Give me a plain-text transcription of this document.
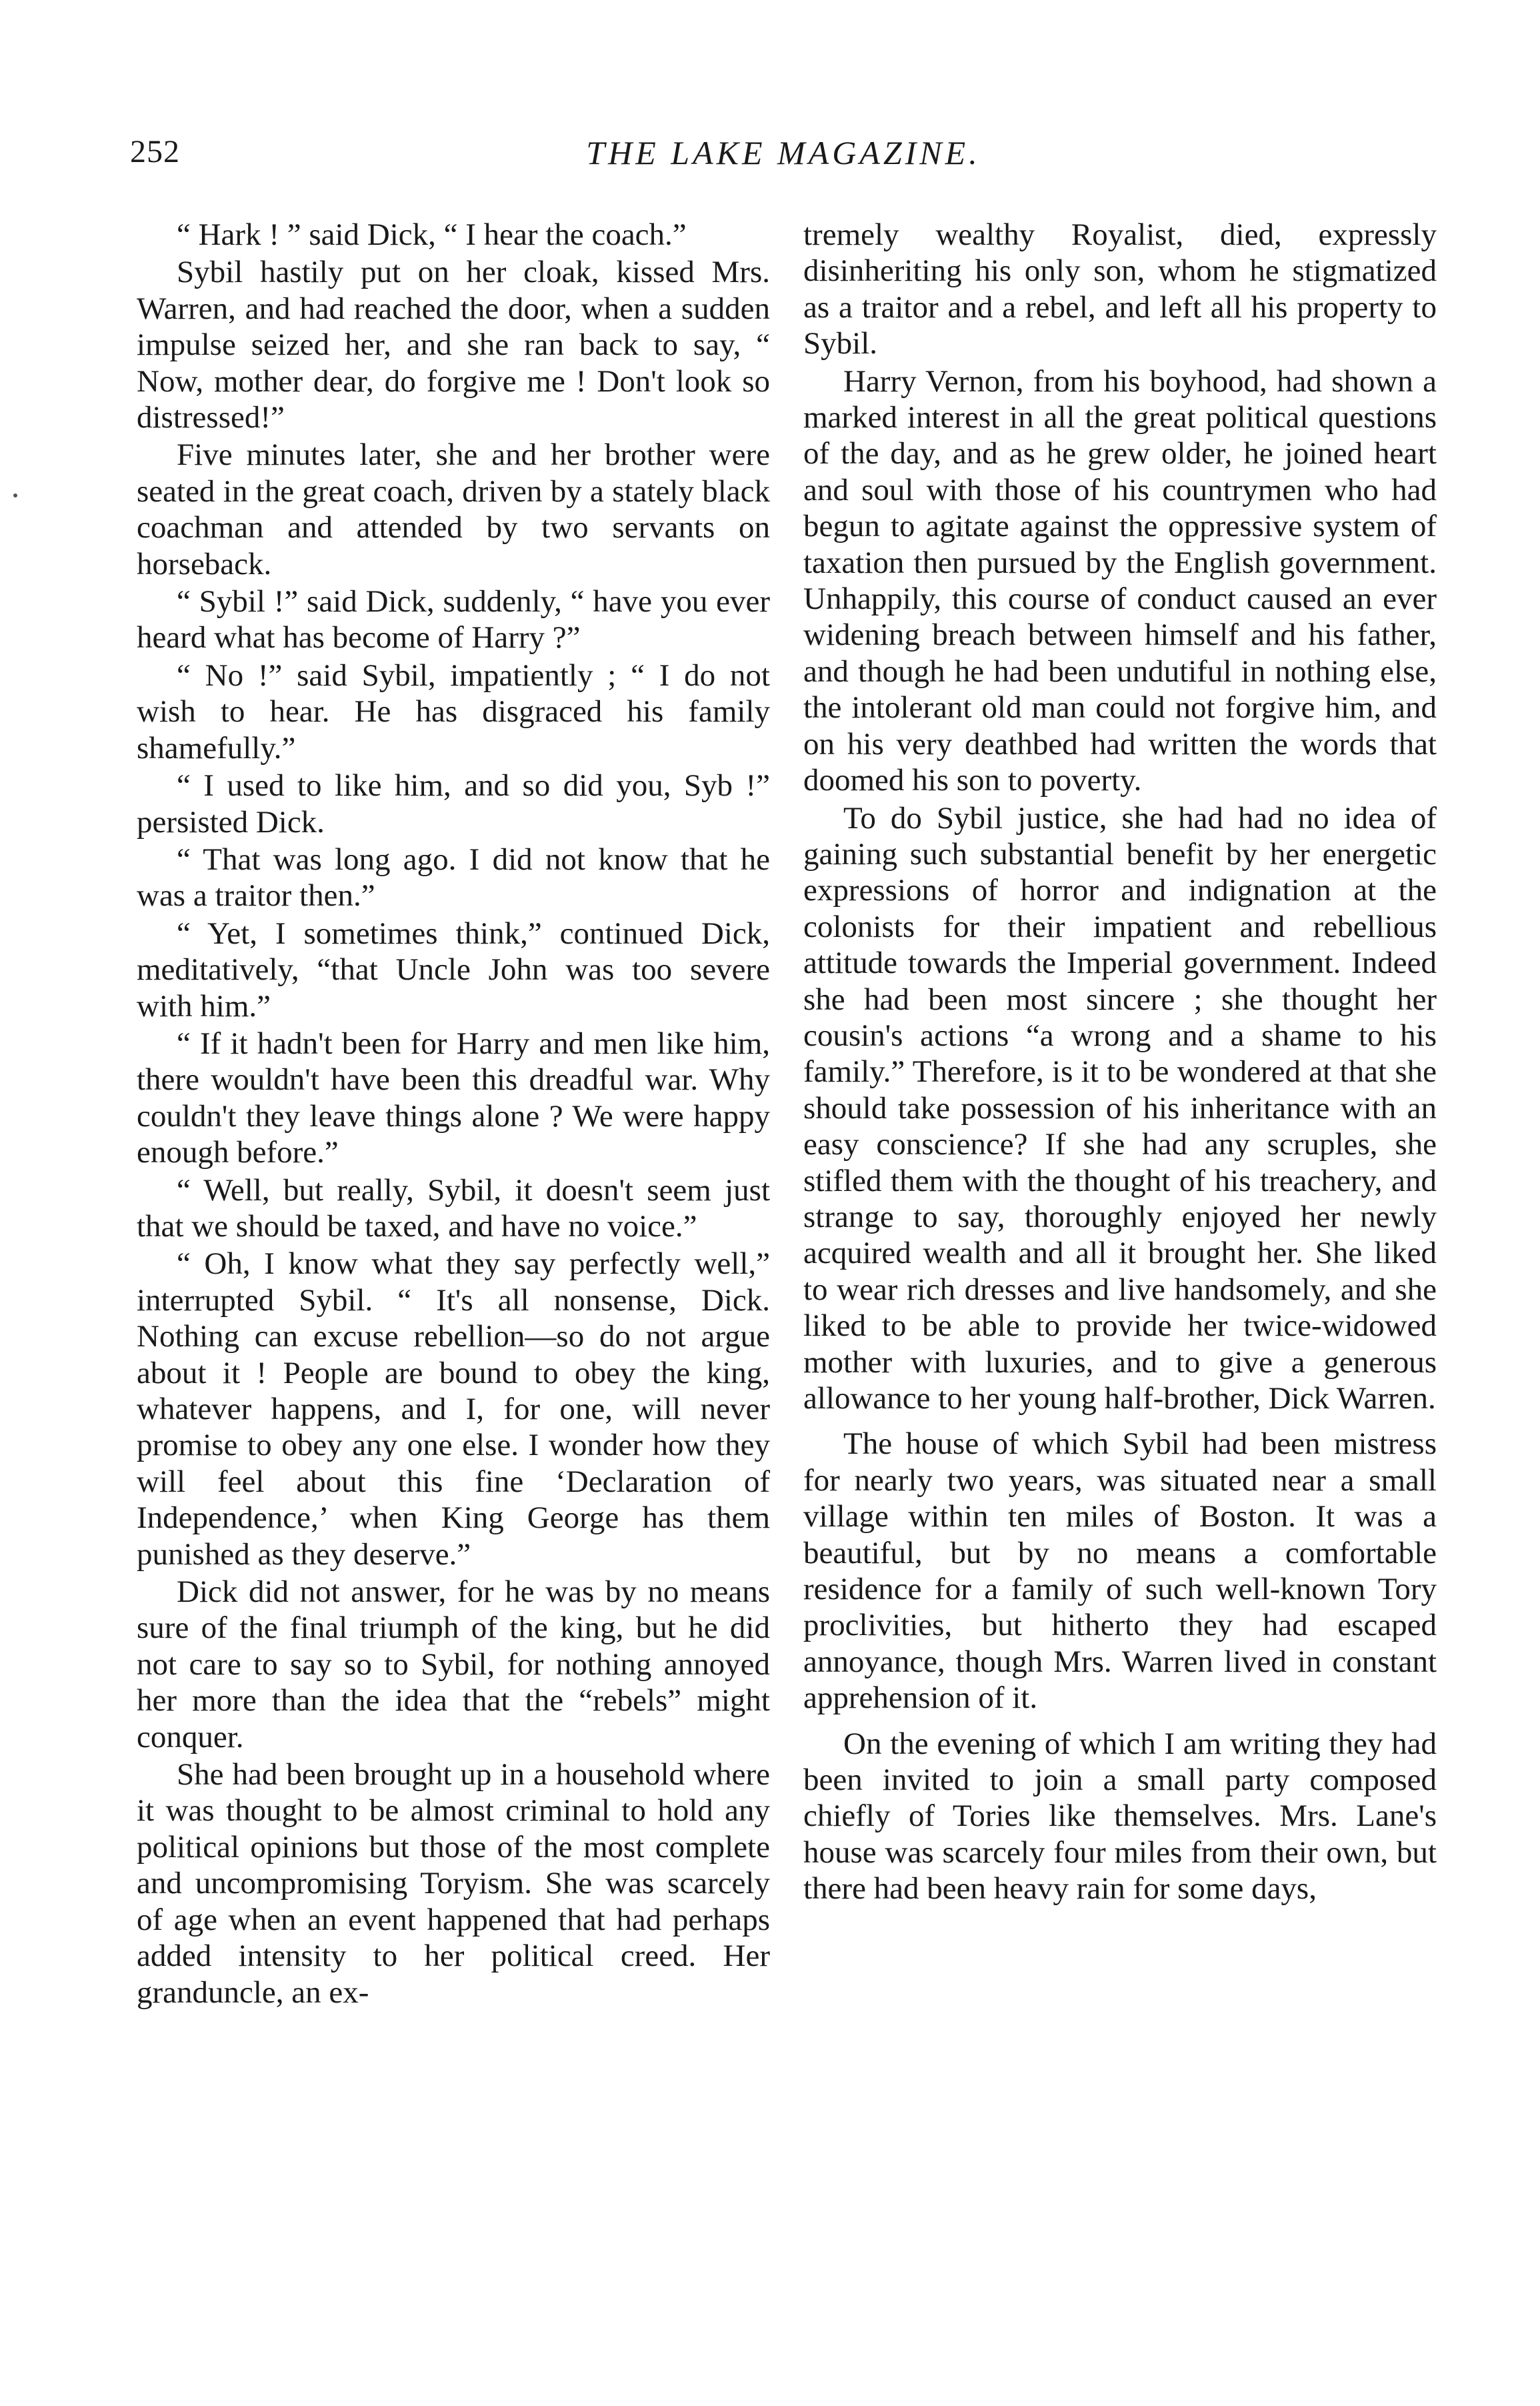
252	THE LAKE MAGAZINE.

“ Hark ! ” said Dick, “ I hear the coach.”

Sybil hastily put on her cloak, kissed Mrs. Warren, and had reached the door, when a sudden impulse seized her, and she ran back to say, “ Now, mother dear, do forgive me ! Don't look so distressed!”

Five minutes later, she and her brother were seated in the great coach, driven by a stately black coachman and attended by two servants on horseback.

“ Sybil !” said Dick, suddenly, “ have you ever heard what has become of Harry ?”

“ No !” said Sybil, impatiently ; “ I do not wish to hear. He has disgraced his family shamefully.”

“ I used to like him, and so did you, Syb !” persisted Dick.

“ That was long ago. I did not know that he was a traitor then.”

“ Yet, I sometimes think,” continued Dick, meditatively, “that Uncle John was too severe with him.”

“ If it hadn't been for Harry and men like him, there wouldn't have been this dreadful war. Why couldn't they leave things alone ? We were happy enough before.”

“ Well, but really, Sybil, it doesn't seem just that we should be taxed, and have no voice.”

“ Oh, I know what they say perfectly well,” interrupted Sybil. “ It's all nonsense, Dick. Nothing can excuse rebellion—so do not argue about it ! People are bound to obey the king, whatever happens, and I, for one, will never promise to obey any one else. I wonder how they will feel about this fine ‘Declaration of Independence,’ when King George has them punished as they deserve.”

Dick did not answer, for he was by no means sure of the final triumph of the king, but he did not care to say so to Sybil, for nothing annoyed her more than the idea that the “rebels” might conquer.

She had been brought up in a household where it was thought to be almost criminal to hold any political opinions but those of the most complete and uncompromising Toryism. She was scarcely of age when an event happened that had perhaps added intensity to her political creed. Her granduncle, an ex-

tremely wealthy Royalist, died, expressly disinheriting his only son, whom he stigmatized as a traitor and a rebel, and left all his property to Sybil.

Harry Vernon, from his boyhood, had shown a marked interest in all the great political questions of the day, and as he grew older, he joined heart and soul with those of his countrymen who had begun to agitate against the oppressive system of taxation then pursued by the English government. Unhappily, this course of conduct caused an ever widening breach between himself and his father, and though he had been undutiful in nothing else, the intolerant old man could not forgive him, and on his very deathbed had written the words that doomed his son to poverty.

To do Sybil justice, she had had no idea of gaining such substantial benefit by her energetic expressions of horror and indignation at the colonists for their impatient and rebellious attitude towards the Imperial government. Indeed she had been most sincere ; she thought her cousin's actions “a wrong and a shame to his family.” Therefore, is it to be wondered at that she should take possession of his inheritance with an easy conscience? If she had any scruples, she stifled them with the thought of his treachery, and strange to say, thoroughly enjoyed her newly acquired wealth and all it brought her. She liked to wear rich dresses and live handsomely, and she liked to be able to provide her twice-widowed mother with luxuries, and to give a generous allowance to her young half-brother, Dick Warren.

The house of which Sybil had been mistress for nearly two years, was situated near a small village within ten miles of Boston. It was a beautiful, but by no means a comfortable residence for a family of such well-known Tory proclivities, but hitherto they had escaped annoyance, though Mrs. Warren lived in constant apprehension of it.

On the evening of which I am writing they had been invited to join a small party composed chiefly of Tories like themselves. Mrs. Lane's house was scarcely four miles from their own, but there had been heavy rain for some days,
